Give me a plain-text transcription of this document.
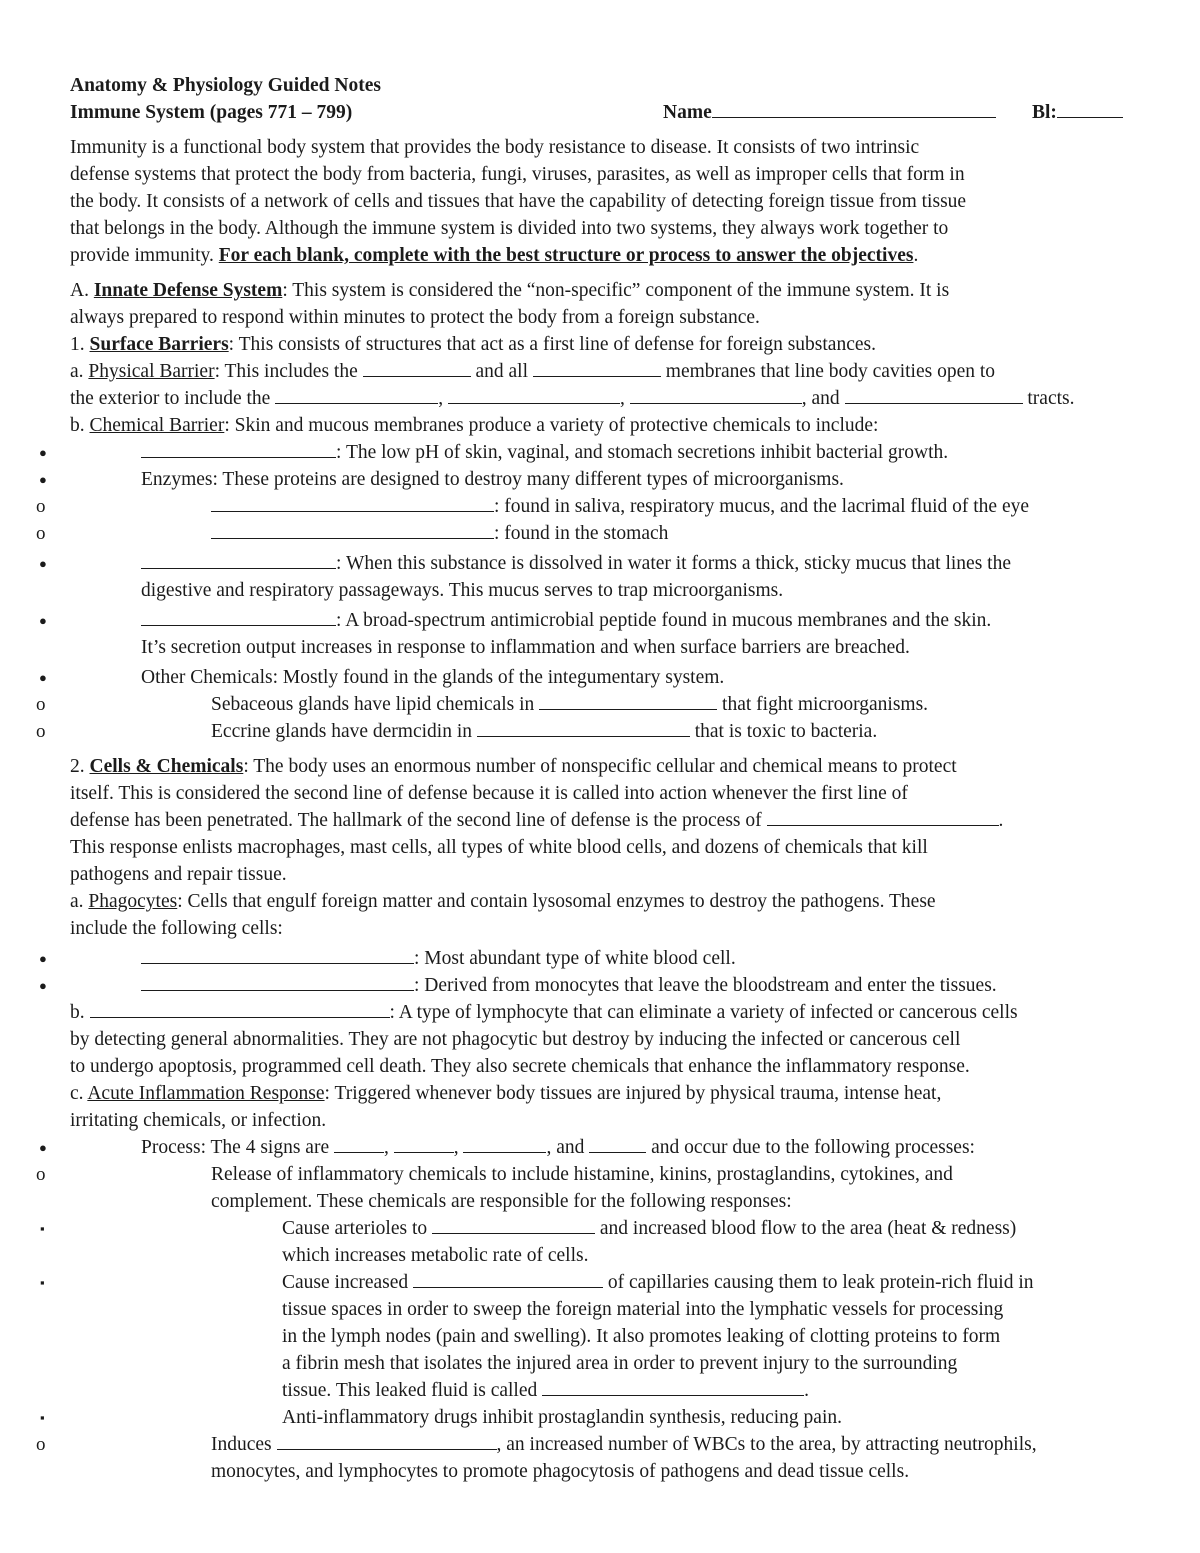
Anatomy & Physiology Guided Notes
Immune System (pages 771 – 799)	Name	Bl:
Immunity is a functional body system that provides the body resistance to disease. It consists of two intrinsic
defense systems that protect the body from bacteria, fungi, viruses, parasites, as well as improper cells that form in
the body. It consists of a network of cells and tissues that have the capability of detecting foreign tissue from tissue
that belongs in the body. Although the immune system is divided into two systems, they always work together to
provide immunity. For each blank, complete with the best structure or process to answer the objectives.
A. Innate Defense System: This system is considered the “non-specific” component of the immune system. It is
always prepared to respond within minutes to protect the body from a foreign substance.
1. Surface Barriers: This consists of structures that act as a first line of defense for foreign substances.
a. Physical Barrier: This includes the	and all	membranes that line body cavities open to
the exterior to include the	,	,	, and	tracts.
b. Chemical Barrier: Skin and mucous membranes produce a variety of protective chemicals to include:
●	: The low pH of skin, vaginal, and stomach secretions inhibit bacterial growth.
●	Enzymes: These proteins are designed to destroy many different types of microorganisms.
o	: found in saliva, respiratory mucus, and the lacrimal fluid of the eye
o	: found in the stomach
●	: When this substance is dissolved in water it forms a thick, sticky mucus that lines the
digestive and respiratory passageways. This mucus serves to trap microorganisms.
●	: A broad-spectrum antimicrobial peptide found in mucous membranes and the skin.
It’s secretion output increases in response to inflammation and when surface barriers are breached.
●	Other Chemicals: Mostly found in the glands of the integumentary system.
o	Sebaceous glands have lipid chemicals in	that fight microorganisms.
o	Eccrine glands have dermcidin in	that is toxic to bacteria.
2. Cells & Chemicals: The body uses an enormous number of nonspecific cellular and chemical means to protect
itself. This is considered the second line of defense because it is called into action whenever the first line of
defense has been penetrated. The hallmark of the second line of defense is the process of	.
This response enlists macrophages, mast cells, all types of white blood cells, and dozens of chemicals that kill
pathogens and repair tissue.
a. Phagocytes: Cells that engulf foreign matter and contain lysosomal enzymes to destroy the pathogens. These
include the following cells:
●	: Most abundant type of white blood cell.
●	: Derived from monocytes that leave the bloodstream and enter the tissues.
b.	: A type of lymphocyte that can eliminate a variety of infected or cancerous cells
by detecting general abnormalities. They are not phagocytic but destroy by inducing the infected or cancerous cell
to undergo apoptosis, programmed cell death. They also secrete chemicals that enhance the inflammatory response.
c. Acute Inflammation Response: Triggered whenever body tissues are injured by physical trauma, intense heat,
irritating chemicals, or infection.
●	Process: The 4 signs are	,	,	, and	and occur due to the following processes:
o	Release of inflammatory chemicals to include histamine, kinins, prostaglandins, cytokines, and
complement. These chemicals are responsible for the following responses:
▪	Cause arterioles to	and increased blood flow to the area (heat & redness)
which increases metabolic rate of cells.
▪	Cause increased	of capillaries causing them to leak protein-rich fluid in
tissue spaces in order to sweep the foreign material into the lymphatic vessels for processing
in the lymph nodes (pain and swelling). It also promotes leaking of clotting proteins to form
a fibrin mesh that isolates the injured area in order to prevent injury to the surrounding
tissue. This leaked fluid is called	.
▪	Anti-inflammatory drugs inhibit prostaglandin synthesis, reducing pain.
o	Induces	, an increased number of WBCs to the area, by attracting neutrophils,
monocytes, and lymphocytes to promote phagocytosis of pathogens and dead tissue cells.
